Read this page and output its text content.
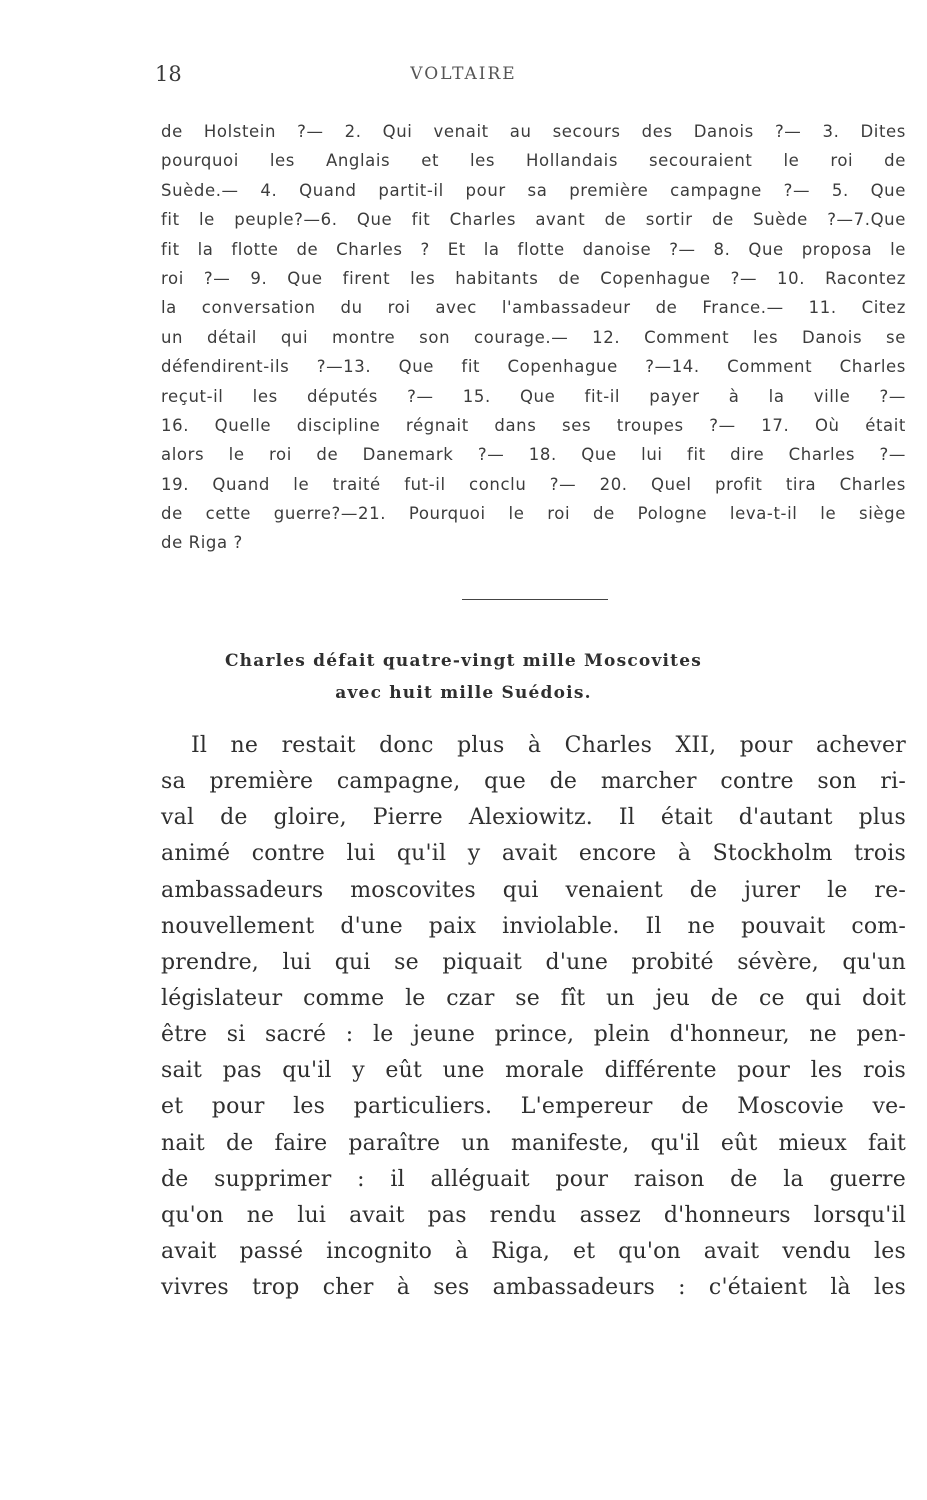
18	VOLTAIRE
de Holstein ?— 2. Qui venait au secours des Danois ?— 3. Dites
pourquoi les Anglais et les Hollandais secouraient le roi de
Suède.— 4. Quand partit-il pour sa première campagne ?— 5. Que
fit le peuple?—6. Que fit Charles avant de sortir de Suède ?—7.Que
fit la flotte de Charles ? Et la flotte danoise ?— 8. Que proposa le
roi ?— 9. Que firent les habitants de Copenhague ?— 10. Racontez
la conversation du roi avec l'ambassadeur de France.— 11. Citez
un détail qui montre son courage.— 12. Comment les Danois se
défendirent-ils ?—13. Que fit Copenhague ?—14. Comment Charles
reçut-il les députés ?— 15. Que fit-il payer à la ville ?—
16. Quelle discipline régnait dans ses troupes ?— 17. Où était
alors le roi de Danemark ?— 18. Que lui fit dire Charles ?—
19. Quand le traité fut-il conclu ?— 20. Quel profit tira Charles
de cette guerre?—21. Pourquoi le roi de Pologne leva-t-il le siège
de Riga ?
Charles défait quatre-vingt mille Moscovites
avec huit mille Suédois.
Il ne restait donc plus à Charles XII, pour achever
sa première campagne, que de marcher contre son ri-
val de gloire, Pierre Alexiowitz. Il était d'autant plus
animé contre lui qu'il y avait encore à Stockholm trois
ambassadeurs moscovites qui venaient de jurer le re-
nouvellement d'une paix inviolable. Il ne pouvait com-
prendre, lui qui se piquait d'une probité sévère, qu'un
législateur comme le czar se fît un jeu de ce qui doit
être si sacré : le jeune prince, plein d'honneur, ne pen-
sait pas qu'il y eût une morale différente pour les rois
et pour les particuliers. L'empereur de Moscovie ve-
nait de faire paraître un manifeste, qu'il eût mieux fait
de supprimer : il alléguait pour raison de la guerre
qu'on ne lui avait pas rendu assez d'honneurs lorsqu'il
avait passé incognito à Riga, et qu'on avait vendu les
vivres trop cher à ses ambassadeurs : c'étaient là les
